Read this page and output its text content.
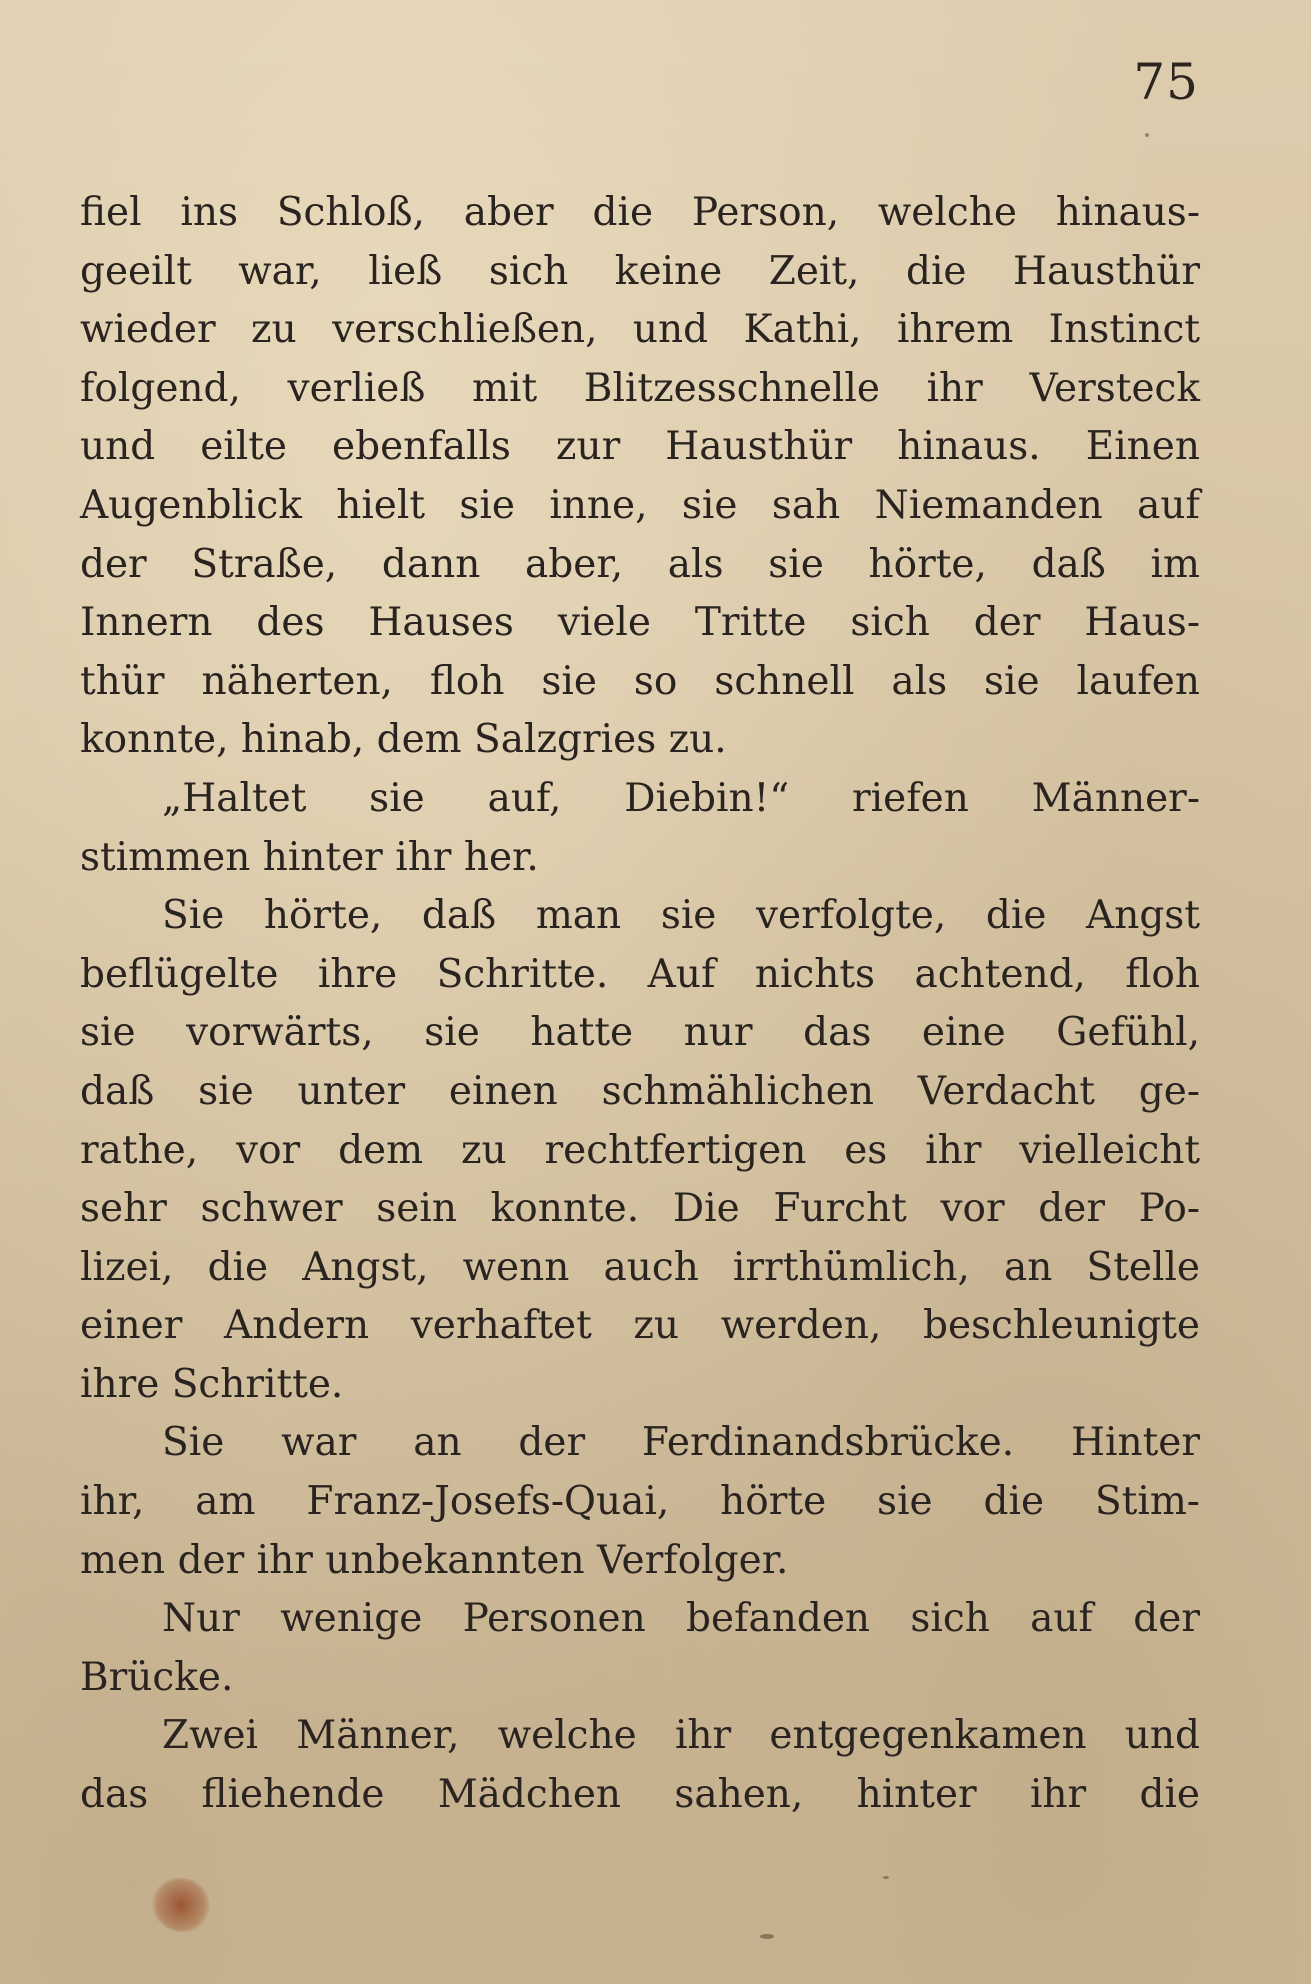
75

fiel ins Schloß, aber die Person, welche hinaus-
geeilt war, ließ sich keine Zeit, die Hausthür
wieder zu verschließen, und Kathi, ihrem Instinct
folgend, verließ mit Blitzesschnelle ihr Versteck
und eilte ebenfalls zur Hausthür hinaus. Einen
Augenblick hielt sie inne, sie sah Niemanden auf
der Straße, dann aber, als sie hörte, daß im
Innern des Hauses viele Tritte sich der Haus-
thür näherten, floh sie so schnell als sie laufen
konnte, hinab, dem Salzgries zu.
„Haltet sie auf, Diebin!“ riefen Männer-
stimmen hinter ihr her.
Sie hörte, daß man sie verfolgte, die Angst
beflügelte ihre Schritte. Auf nichts achtend, floh
sie vorwärts, sie hatte nur das eine Gefühl,
daß sie unter einen schmählichen Verdacht ge-
rathe, vor dem zu rechtfertigen es ihr vielleicht
sehr schwer sein konnte. Die Furcht vor der Po-
lizei, die Angst, wenn auch irrthümlich, an Stelle
einer Andern verhaftet zu werden, beschleunigte
ihre Schritte.
Sie war an der Ferdinandsbrücke. Hinter
ihr, am Franz-Josefs-Quai, hörte sie die Stim-
men der ihr unbekannten Verfolger.
Nur wenige Personen befanden sich auf der
Brücke.
Zwei Männer, welche ihr entgegenkamen und
das fliehende Mädchen sahen, hinter ihr die
